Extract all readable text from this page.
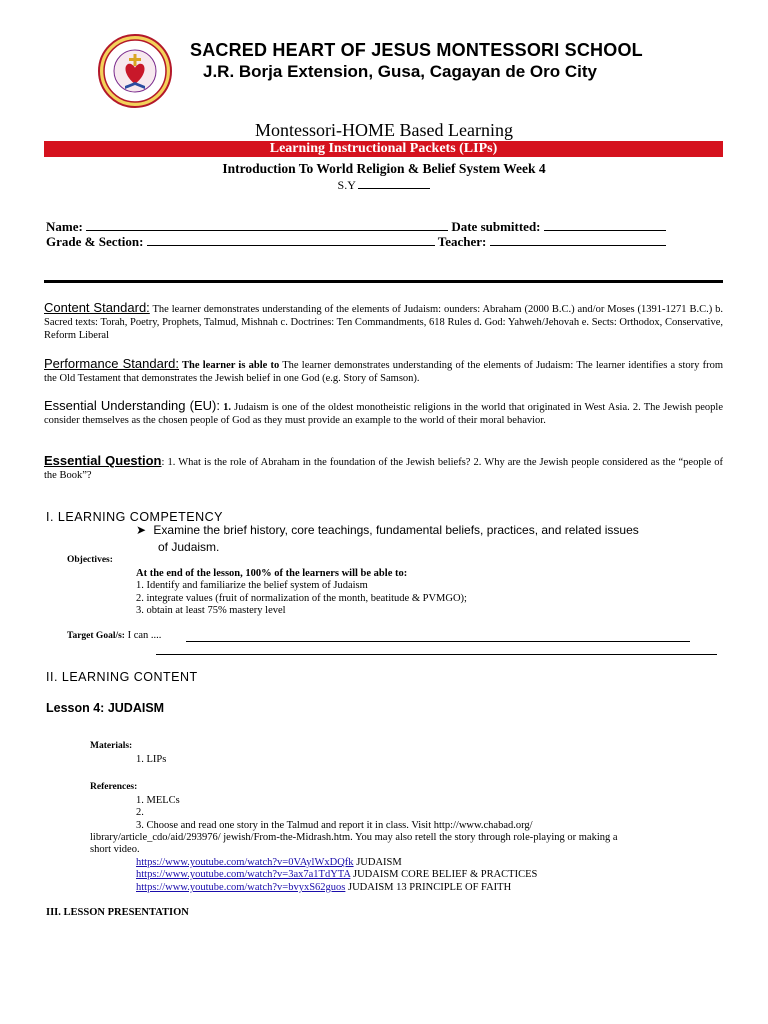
SACRED HEART OF JESUS MONTESSORI SCHOOL
J.R. Borja Extension, Gusa, Cagayan de Oro City
Montessori-HOME Based Learning
Learning Instructional Packets (LIPs)
Introduction To World Religion & Belief System Week 4
S.Y
Name:	Date submitted:
Grade & Section:	Teacher:
Content Standard: The learner demonstrates understanding of the elements of Judaism: ounders: Abraham (2000 B.C.) and/or Moses (1391-1271 B.C.) b. Sacred texts: Torah, Poetry, Prophets, Talmud, Mishnah c. Doctrines: Ten Commandments, 618 Rules d. God: Yahweh/Jehovah e. Sects: Orthodox, Conservative, Reform Liberal
Performance Standard: The learner is able to The learner demonstrates understanding of the elements of Judaism: The learner identifies a story from the Old Testament that demonstrates the Jewish belief in one God (e.g. Story of Samson).
Essential Understanding (EU): 1. Judaism is one of the oldest monotheistic religions in the world that originated in West Asia. 2. The Jewish people consider themselves as the chosen people of God as they must provide an example to the world of their moral behavior.
Essential Question: 1. What is the role of Abraham in the foundation of the Jewish beliefs? 2. Why are the Jewish people considered as the “people of the Book”?
I. LEARNING COMPETENCY
➤ Examine the brief history, core teachings, fundamental beliefs, practices, and related issues
of Judaism.
Objectives:
At the end of the lesson, 100% of the learners will be able to:
1. Identify and familiarize the belief system of Judaism
2. integrate values (fruit of normalization of the month, beatitude & PVMGO);
3. obtain at least 75% mastery level
Target Goal/s: I can ....
II. LEARNING CONTENT
Lesson 4: JUDAISM
Materials:
1. LIPs
References:
1. MELCs
2.
3. Choose and read one story in the Talmud and report it in class. Visit http://www.chabad.org/
library/article_cdo/aid/293976/ jewish/From-the-Midrash.htm. You may also retell the story through role-playing or making a
short video.
https://www.youtube.com/watch?v=0VAylWxDQfk JUDAISM
https://www.youtube.com/watch?v=3ax7a1TdYTA JUDAISM CORE BELIEF & PRACTICES
https://www.youtube.com/watch?v=bvyxS62guos JUDAISM 13 PRINCIPLE OF FAITH
III. LESSON PRESENTATION
